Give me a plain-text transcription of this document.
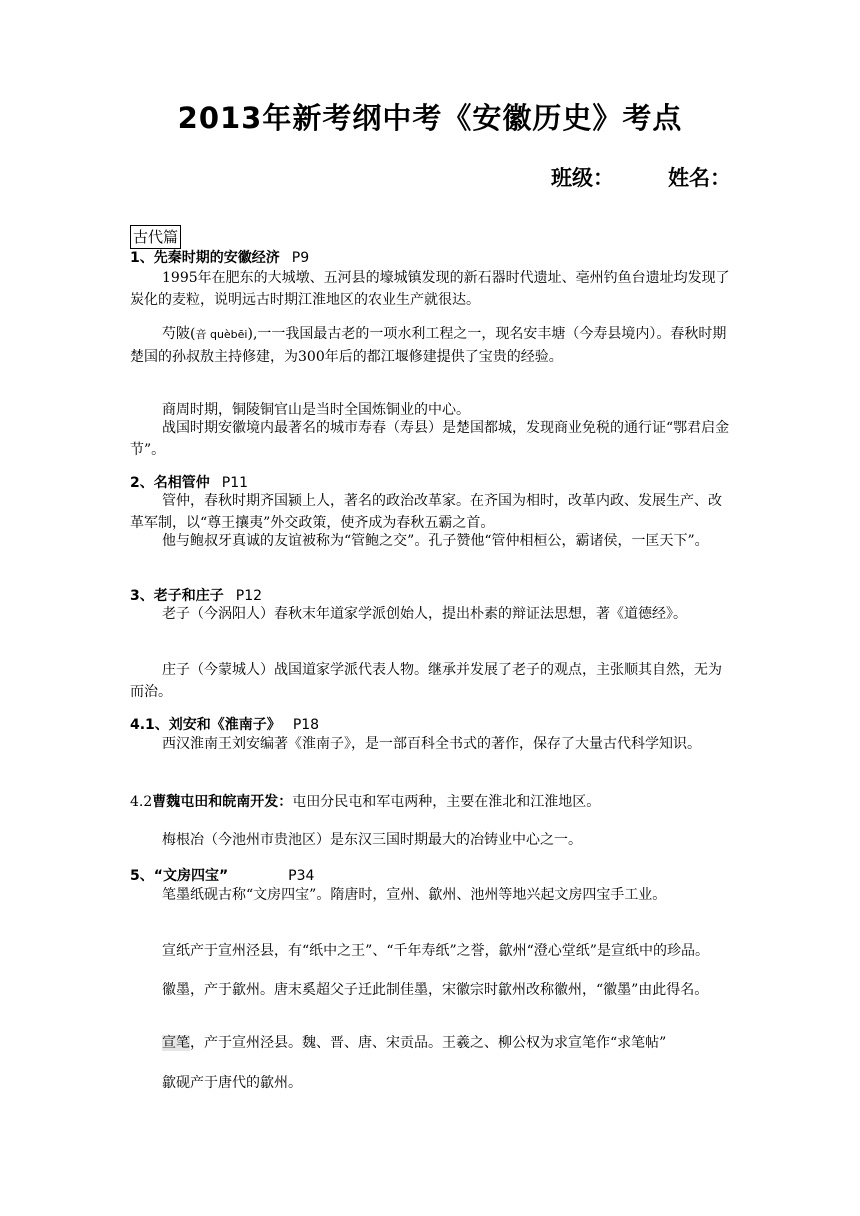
2013年新考纲中考《安徽历史》考点
班级：	姓名：
古代篇
1、先秦时期的安徽经济 P9
1995年在肥东的大城墩、五河县的壕城镇发现的新石器时代遗址、亳州钓鱼台遗址均发现了炭化的麦粒，说明远古时期江淮地区的农业生产就很达。
芍陂(音 quèbēi),一一我国最古老的一项水利工程之一，现名安丰塘（今寿县境内）。春秋时期楚国的孙叔敖主持修建，为300年后的都江堰修建提供了宝贵的经验。
商周时期，铜陵铜官山是当时全国炼铜业的中心。
战国时期安徽境内最著名的城市寿春（寿县）是楚国都城，发现商业免税的通行证“鄂君启金节”。
2、名相管仲 P11
管仲，春秋时期齐国颍上人，著名的政治改革家。在齐国为相时，改革内政、发展生产、改革军制，以“尊王攘夷”外交政策，使齐成为春秋五霸之首。
他与鲍叔牙真诚的友谊被称为“管鲍之交”。孔子赞他“管仲相桓公，霸诸侯，一匡天下”。
3、老子和庄子 P12
老子（今涡阳人）春秋末年道家学派创始人，提出朴素的辩证法思想，著《道德经》。
庄子（今蒙城人）战国道家学派代表人物。继承并发展了老子的观点，主张顺其自然，无为而治。
4.1、刘安和《淮南子》 P18
西汉淮南王刘安编著《淮南子》，是一部百科全书式的著作，保存了大量古代科学知识。
4.2曹魏屯田和皖南开发：屯田分民屯和军屯两种，主要在淮北和江淮地区。
梅根冶（今池州市贵池区）是东汉三国时期最大的冶铸业中心之一。
5、“文房四宝”	P34
笔墨纸砚古称“文房四宝”。隋唐时，宣州、歙州、池州等地兴起文房四宝手工业。
宣纸产于宣州泾县，有“纸中之王”、“千年寿纸”之誉，歙州“澄心堂纸”是宣纸中的珍品。
徽墨，产于歙州。唐末奚超父子迁此制佳墨，宋徽宗时歙州改称徽州，“徽墨”由此得名。
宣笔，产于宣州泾县。魏、晋、唐、宋贡品。王羲之、柳公权为求宣笔作“求笔帖”
歙砚产于唐代的歙州。
